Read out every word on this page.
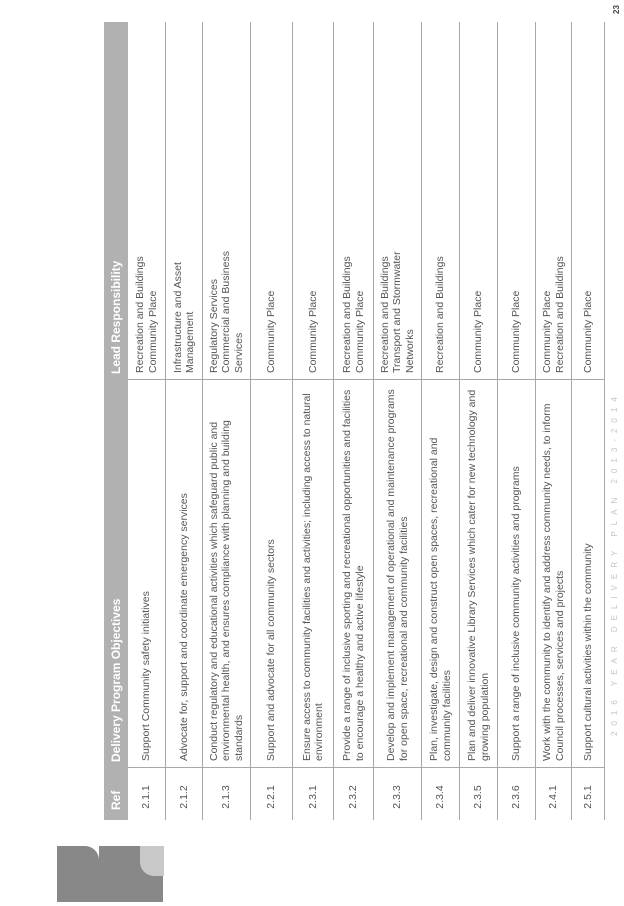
Ref
Delivery Program Objectives
Lead Responsibility
2.1.1
Support Community safety initiatives
Recreation and Buildings
Community Place
2.1.2
Advocate for, support and coordinate emergency services
Infrastructure and Asset
Management
2.1.3
Conduct regulatory and educational activities which safeguard public and environmental health, and ensures compliance with planning and building standards
Regulatory Services
Commercial and Business
Services
2.2.1
Support and advocate for all community sectors
Community Place
2.3.1
Ensure access to community facilities and activities; including access to natural environment
Community Place
2.3.2
Provide a range of inclusive sporting and recreational opportunities and facilities to encourage a healthy and active lifestyle
Recreation and Buildings
Community Place
2.3.3
Develop and implement management of operational and maintenance programs for open space, recreational and community facilities
Recreation and Buildings
Transport and Stormwater
Networks
2.3.4
Plan, investigate, design and construct open spaces, recreational and community facilities
Recreation and Buildings
2.3.5
Plan and deliver innovative Library Services which cater for new technology and growing population
Community Place
2.3.6
Support a range of inclusive community activities and programs
Community Place
2.4.1
Work with the community to identify and address community needs, to inform Council processes, services and projects
Community Place
Recreation and Buildings
2.5.1
Support cultural activities within the community
Community Place
2016 YEAR DELIVERY PLAN 2013-2014
23
